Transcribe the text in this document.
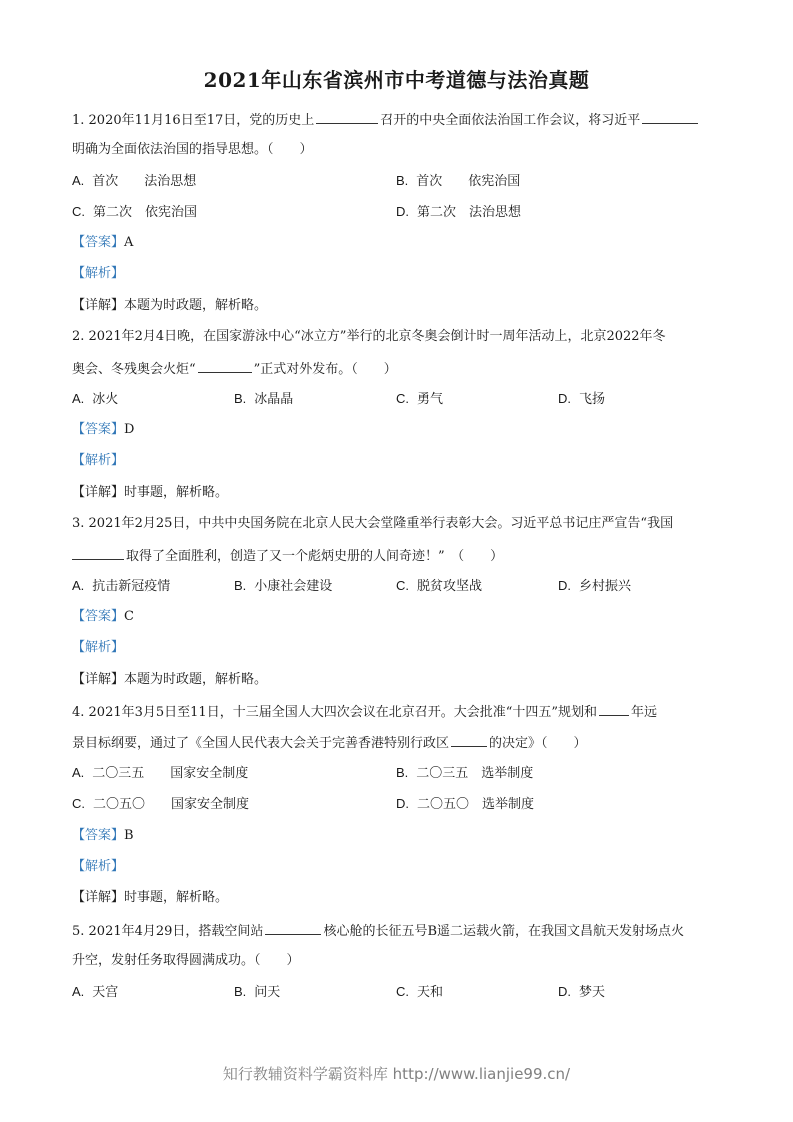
2021年山东省滨州市中考道德与法治真题
1. 2020年11月16日至17日，党的历史上	召开的中央全面依法治国工作会议，将习近平
明确为全面依法治国的指导思想。（　　）
A. 首次　　法治思想	B. 首次　　依宪治国
C. 第二次　依宪治国	D. 第二次　法治思想
【答案】A
【解析】
【详解】本题为时政题，解析略。
2. 2021年2月4日晚，在国家游泳中心“冰立方”举行的北京冬奥会倒计时一周年活动上，北京2022年冬
奥会、冬残奥会火炬“	”正式对外发布。（　　）
A. 冰火	B. 冰晶晶	C. 勇气	D. 飞扬
【答案】D
【解析】
【详解】时事题，解析略。
3. 2021年2月25日，中共中央国务院在北京人民大会堂隆重举行表彰大会。习近平总书记庄严宣告“我国
取得了全面胜利，创造了又一个彪炳史册的人间奇迹！”　（　　）
A. 抗击新冠疫情	B. 小康社会建设	C. 脱贫攻坚战	D. 乡村振兴
【答案】C
【解析】
【详解】本题为时政题，解析略。
4. 2021年3月5日至11日，十三届全国人大四次会议在北京召开。大会批准“十四五”规划和	年远
景目标纲要，通过了《全国人民代表大会关于完善香港特别行政区	的决定》（　　）
A. 二〇三五　　国家安全制度	B. 二〇三五　选举制度
C. 二〇五〇　　国家安全制度	D. 二〇五〇　选举制度
【答案】B
【解析】
【详解】时事题，解析略。
5. 2021年4月29日，搭载空间站	核心舱的长征五号B遥二运载火箭，在我国文昌航天发射场点火
升空，发射任务取得圆满成功。（　　）
A. 天宫	B. 问天	C. 天和	D. 梦天
知行教辅资料学霸资料库 http://www.lianjie99.cn/
